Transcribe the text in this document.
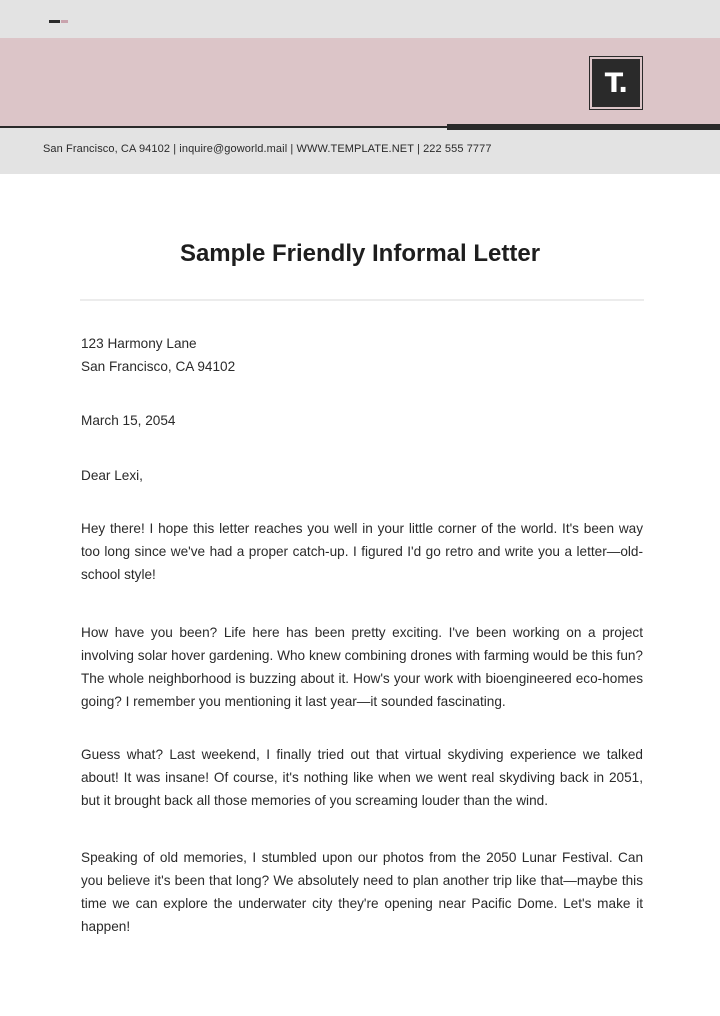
T.
San Francisco, CA 94102 | inquire@goworld.mail | WWW.TEMPLATE.NET | 222 555 7777
Sample Friendly Informal Letter
123 Harmony Lane
San Francisco, CA 94102
March 15, 2054
Dear Lexi,
Hey there! I hope this letter reaches you well in your little corner of the world. It's been way too long since we've had a proper catch-up. I figured I'd go retro and write you a letter—old-school style!
How have you been? Life here has been pretty exciting. I've been working on a project involving solar hover gardening. Who knew combining drones with farming would be this fun? The whole neighborhood is buzzing about it. How's your work with bioengineered eco-homes going? I remember you mentioning it last year—it sounded fascinating.
Guess what? Last weekend, I finally tried out that virtual skydiving experience we talked about! It was insane! Of course, it's nothing like when we went real skydiving back in 2051, but it brought back all those memories of you screaming louder than the wind.
Speaking of old memories, I stumbled upon our photos from the 2050 Lunar Festival. Can you believe it's been that long? We absolutely need to plan another trip like that—maybe this time we can explore the underwater city they're opening near Pacific Dome. Let's make it happen!
